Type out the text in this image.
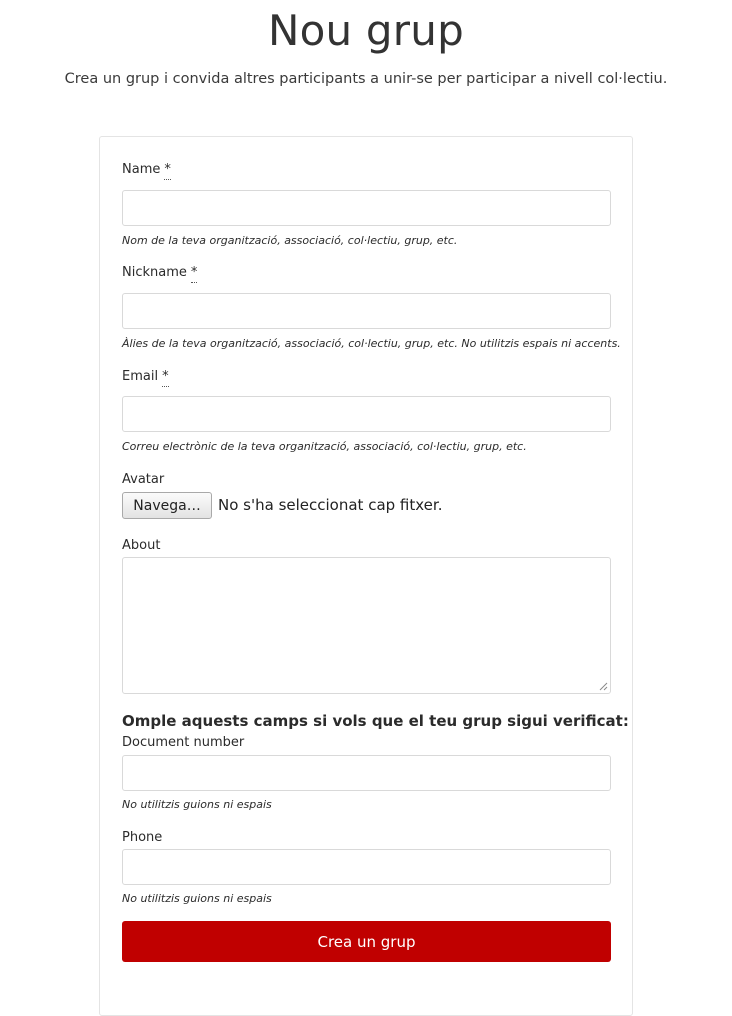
Nou grup
Crea un grup i convida altres participants a unir-se per participar a nivell col·lectiu.
Name *
Nom de la teva organització, associació, col·lectiu, grup, etc.
Nickname *
Àlies de la teva organització, associació, col·lectiu, grup, etc. No utilitzis espais ni accents.
Email *
Correu electrònic de la teva organització, associació, col·lectiu, grup, etc.
Avatar
Navega…	No s'ha seleccionat cap fitxer.
About
Omple aquests camps si vols que el teu grup sigui verificat:
Document number
No utilitzis guions ni espais
Phone
No utilitzis guions ni espais
Crea un grup
